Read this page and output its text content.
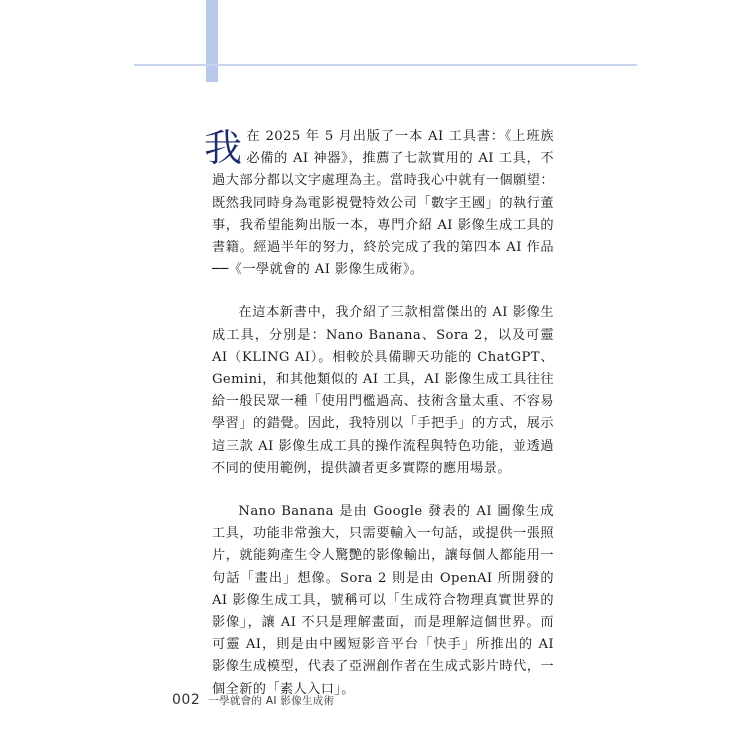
我在 2025 年 5 月出版了一本 AI 工具書：《上班族必備的 AI 神器》，推薦了七款實用的 AI 工具，不過大部分都以文字處理為主。當時我心中就有一個願望：既然我同時身為電影視覺特效公司「數字王國」的執行董事，我希望能夠出版一本，專門介紹 AI 影像生成工具的書籍。經過半年的努力，終於完成了我的第四本 AI 作品──《一學就會的 AI 影像生成術》。

在這本新書中，我介紹了三款相當傑出的 AI 影像生成工具，分別是：Nano Banana、Sora 2，以及可靈 AI（KLING AI）。相較於具備聊天功能的 ChatGPT、Gemini，和其他類似的 AI 工具，AI 影像生成工具往往給一般民眾一種「使用門檻過高、技術含量太重、不容易學習」的錯覺。因此，我特別以「手把手」的方式，展示這三款 AI 影像生成工具的操作流程與特色功能，並透過不同的使用範例，提供讀者更多實際的應用場景。

Nano Banana 是由 Google 發表的 AI 圖像生成工具，功能非常強大，只需要輸入一句話，或提供一張照片，就能夠產生令人驚艷的影像輸出，讓每個人都能用一句話「畫出」想像。Sora 2 則是由 OpenAI 所開發的 AI 影像生成工具，號稱可以「生成符合物理真實世界的影像」，讓 AI 不只是理解畫面，而是理解這個世界。而可靈 AI，則是由中國短影音平台「快手」所推出的 AI 影像生成模型，代表了亞洲創作者在生成式影片時代，一個全新的「素人入口」。

002 一學就會的 AI 影像生成術
